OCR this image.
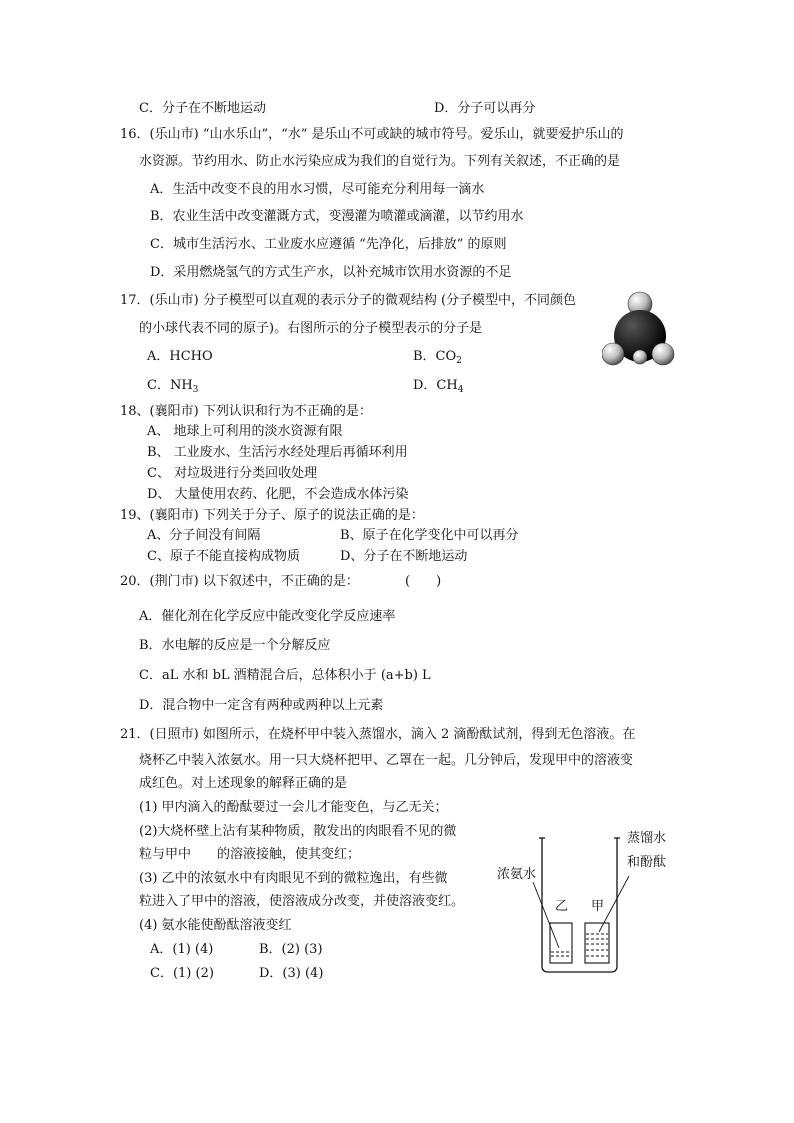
C．分子在不断地运动	D．分子可以再分
16．(乐山市) “山水乐山”，“水” 是乐山不可或缺的城市符号。爱乐山，就要爱护乐山的
水资源。节约用水、防止水污染应成为我们的自觉行为。下列有关叙述，不正确的是
A．生活中改变不良的用水习惯，尽可能充分利用每一滴水
B．农业生活中改变灌溉方式，变漫灌为喷灌或滴灌，以节约用水
C．城市生活污水、工业废水应遵循 “先净化，后排放” 的原则
D．采用燃烧氢气的方式生产水，以补充城市饮用水资源的不足
17．(乐山市) 分子模型可以直观的表示分子的微观结构 (分子模型中，不同颜色
的小球代表不同的原子)。右图所示的分子模型表示的分子是
A．HCHO	B．$CO_2$
C．$NH_3$	D．$CH_4$
18、(襄阳市) 下列认识和行为不正确的是：
A、 地球上可利用的淡水资源有限
B、 工业废水、生活污水经处理后再循环利用
C、 对垃圾进行分类回收处理
D、 大量使用农药、化肥，不会造成水体污染
19、(襄阳市) 下列关于分子、原子的说法正确的是：
A、分子间没有间隔	B、原子在化学变化中可以再分
C、原子不能直接构成物质	D、分子在不断地运动
20．(荆门市) 以下叙述中，不正确的是：	(　　)
A．催化剂在化学反应中能改变化学反应速率
B．水电解的反应是一个分解反应
C．aL 水和 bL 酒精混合后，总体积小于 (a+b) L
D．混合物中一定含有两种或两种以上元素
21．(日照市) 如图所示，在烧杯甲中装入蒸馏水，滴入 2 滴酚酞试剂，得到无色溶液。在
烧杯乙中装入浓氨水。用一只大烧杯把甲、乙罩在一起。几分钟后，发现甲中的溶液变
成红色。对上述现象的解释正确的是
(1) 甲内滴入的酚酞要过一会儿才能变色，与乙无关；
(2)大烧杯壁上沾有某种物质，散发出的肉眼看不见的微
粒与甲中　　的溶液接触，使其变红；
(3) 乙中的浓氨水中有肉眼见不到的微粒逸出，有些微
粒进入了甲中的溶液，使溶液成分改变，并使溶液变红。
(4) 氨水能使酚酞溶液变红
A．(1) (4)	B．(2) (3)
C．(1) (2)	D．(3) (4)
浓氨水
蒸馏水
和酚酞
乙 甲
